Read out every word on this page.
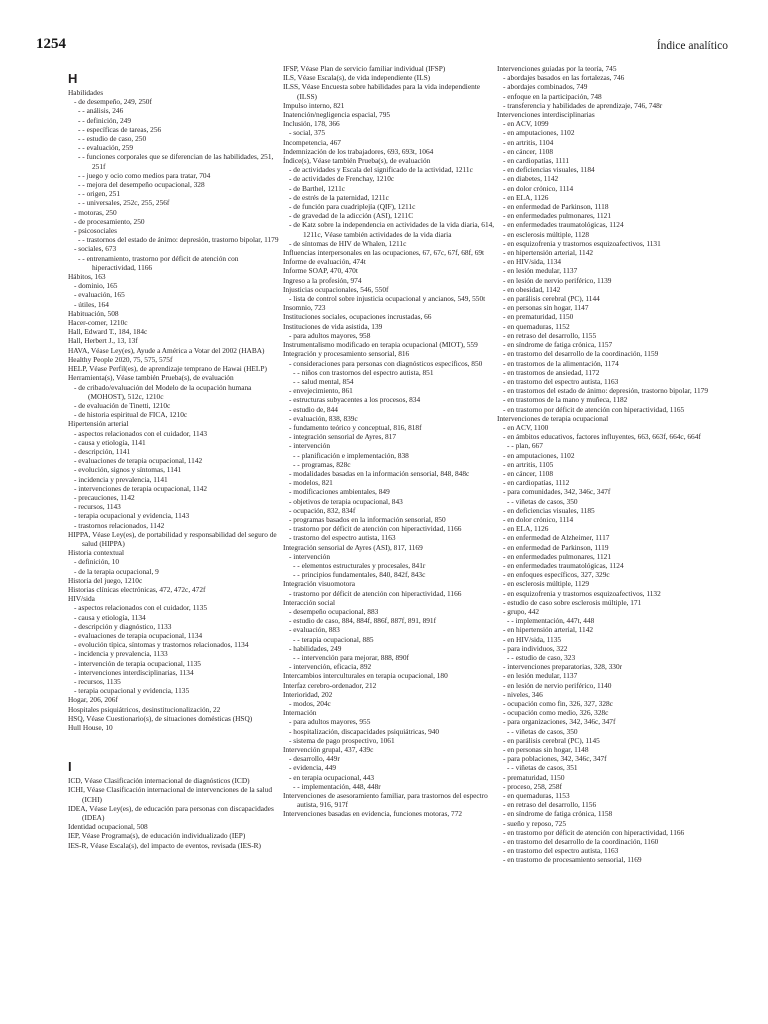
1254	Índice analítico
H

Habilidades

- de desempeño, 249, 250f

- - análisis, 246

- - definición, 249

- - específicas de tareas, 256

- - estudio de caso, 250

- - evaluación, 259

- - funciones corporales que se diferencian de las habilidades, 251, 251f

- - juego y ocio como medios para tratar, 704

- - mejora del desempeño ocupacional, 328

- - origen, 251

- - universales, 252c, 255, 256f

- motoras, 250

- de procesamiento, 250

- psicosociales

- - trastornos del estado de ánimo: depresión, trastorno bipolar, 1179

- sociales, 673

- - entrenamiento, trastorno por déficit de atención con hiperactividad, 1166

Hábitos, 163

- dominio, 165

- evaluación, 165

- útiles, 164

Habituación, 508

Hacer-comer, 1210c

Hall, Edward T., 184, 184c

Hall, Herbert J., 13, 13f

HAVA, Véase Ley(es), Ayude a América a Votar del 2002 (HABA)

Healthy People 2020, 75, 575, 575f

HELP, Véase Perfil(es), de aprendizaje temprano de Hawai (HELP)

Herramienta(s), Véase también Prueba(s), de evaluación

- de cribado/evaluación del Modelo de la ocupación humana (MOHOST), 512c, 1210c

- de evaluación de Tinetti, 1210c

- de historia espiritual de FICA, 1210c

Hipertensión arterial

- aspectos relacionados con el cuidador, 1143

- causa y etiología, 1141

- descripción, 1141

- evaluaciones de terapia ocupacional, 1142

- evolución, signos y síntomas, 1141

- incidencia y prevalencia, 1141

- intervenciones de terapia ocupacional, 1142

- precauciones, 1142

- recursos, 1143

- terapia ocupacional y evidencia, 1143

- trastornos relacionados, 1142

HIPPA, Véase Ley(es), de portabilidad y responsabilidad del seguro de salud (HIPPA)

Historia contextual

- definición, 10

- de la terapia ocupacional, 9

Historia del juego, 1210c

Historias clínicas electrónicas, 472, 472c, 472f

HIV/sida

- aspectos relacionados con el cuidador, 1135

- causa y etiología, 1134

- descripción y diagnóstico, 1133

- evaluaciones de terapia ocupacional, 1134

- evolución típica, síntomas y trastornos relacionados, 1134

- incidencia y prevalencia, 1133

- intervención de terapia ocupacional, 1135

- intervenciones interdisciplinarias, 1134

- recursos, 1135

- terapia ocupacional y evidencia, 1135

Hogar, 206, 206f

Hospitales psiquiátricos, desinstitucionalización, 22

HSQ, Véase Cuestionario(s), de situaciones domésticas (HSQ)

Hull House, 10

I

ICD, Véase Clasificación internacional de diagnósticos (ICD)

ICHI, Véase Clasificación internacional de intervenciones de la salud (ICHI)

IDEA, Véase Ley(es), de educación para personas con discapacidades (IDEA)

Identidad ocupacional, 508

IEP, Véase Programa(s), de educación individualizado (IEP)

IES-R, Véase Escala(s), del impacto de eventos, revisada (IES-R)

IFSP, Véase Plan de servicio familiar individual (IFSP)

ILS, Véase Escala(s), de vida independiente (ILS)

ILSS, Véase Encuesta sobre habilidades para la vida independiente (ILSS)

Impulso interno, 821

Inatención/negligencia espacial, 795

Inclusión, 178, 366

- social, 375

Incompetencia, 467

Indemnización de los trabajadores, 693, 693t, 1064

Índice(s), Véase también Prueba(s), de evaluación

- de actividades y Escala del significado de la actividad, 1211c

- de actividades de Frenchay, 1210c

- de Barthel, 1211c

- de estrés de la paternidad, 1211c

- de función para cuadriplejía (QIF), 1211c

- de gravedad de la adicción (ASI), 1211C

- de Katz sobre la independencia en actividades de la vida diaria, 614, 1211c, Véase también actividades de la vida diaria

- de síntomas de HIV de Whalen, 1211c

Influencias interpersonales en las ocupaciones, 67, 67c, 67f, 68f, 69t

Informe de evaluación, 474t

Informe SOAP, 470, 470t

Ingreso a la profesión, 974

Injusticias ocupacionales, 546, 550f

- lista de control sobre injusticia ocupacional y ancianos, 549, 550t

Insomnio, 723

Instituciones sociales, ocupaciones incrustadas, 66

Instituciones de vida asistida, 139

- para adultos mayores, 958

Instrumentalismo modificado en terapia ocupacional (MIOT), 559

Integración y procesamiento sensorial, 816

- consideraciones para personas con diagnósticos específicos, 850

- - niños con trastornos del espectro autista, 851

- - salud mental, 854

- envejecimiento, 861

- estructuras subyacentes a los procesos, 834

- estudio de, 844

- evaluación, 838, 839c

- fundamento teórico y conceptual, 816, 818f

- integración sensorial de Ayres, 817

- intervención

- - planificación e implementación, 838

- - programas, 828c

- modalidades basadas en la información sensorial, 848, 848c

- modelos, 821

- modificaciones ambientales, 849

- objetivos de terapia ocupacional, 843

- ocupación, 832, 834f

- programas basados en la información sensorial, 850

- trastorno por déficit de atención con hiperactividad, 1166

- trastorno del espectro autista, 1163

Integración sensorial de Ayres (ASI), 817, 1169

- intervención

- - elementos estructurales y procesales, 841r

- - principios fundamentales, 840, 842f, 843c

Integración visuomotora

- trastorno por déficit de atención con hiperactividad, 1166

Interacción social

- desempeño ocupacional, 883

- estudio de caso, 884, 884f, 886f, 887f, 891, 891f

- evaluación, 883

- - terapia ocupacional, 885

- habilidades, 249

- - intervención para mejorar, 888, 890f

- intervención, eficacia, 892

Intercambios interculturales en terapia ocupacional, 180

Interfaz cerebro-ordenador, 212

Interioridad, 202

- modos, 204c

Internación

- para adultos mayores, 955

- hospitalización, discapacidades psiquiátricas, 940

- sistema de pago prospectivo, 1061

Intervención grupal, 437, 439c

- desarrollo, 449r

- evidencia, 449

- en terapia ocupacional, 443

- - implementación, 448, 448r

Intervenciones de asesoramiento familiar, para trastornos del espectro autista, 916, 917f

Intervenciones basadas en evidencia, funciones motoras, 772

Intervenciones guiadas por la teoría, 745

- abordajes basados en las fortalezas, 746

- abordajes combinados, 749

- enfoque en la participación, 748

- transferencia y habilidades de aprendizaje, 746, 748r

Intervenciones interdisciplinarias

- en ACV, 1099

- en amputaciones, 1102

- en artritis, 1104

- en cáncer, 1108

- en cardiopatías, 1111

- en deficiencias visuales, 1184

- en diabetes, 1142

- en dolor crónico, 1114

- en ELA, 1126

- en enfermedad de Parkinson, 1118

- en enfermedades pulmonares, 1121

- en enfermedades traumatológicas, 1124

- en esclerosis múltiple, 1128

- en esquizofrenia y trastornos esquizoafectivos, 1131

- en hipertensión arterial, 1142

- en HIV/sida, 1134

- en lesión medular, 1137

- en lesión de nervio periférico, 1139

- en obesidad, 1142

- en parálisis cerebral (PC), 1144

- en personas sin hogar, 1147

- en prematuridad, 1150

- en quemaduras, 1152

- en retraso del desarrollo, 1155

- en síndrome de fatiga crónica, 1157

- en trastorno del desarrollo de la coordinación, 1159

- en trastornos de la alimentación, 1174

- en trastornos de ansiedad, 1172

- en trastorno del espectro autista, 1163

- en trastornos del estado de ánimo: depresión, trastorno bipolar, 1179

- en trastornos de la mano y muñeca, 1182

- en trastorno por déficit de atención con hiperactividad, 1165

Intervenciones de terapia ocupacional

- en ACV, 1100

- en ámbitos educativos, factores influyentes, 663, 663f, 664c, 664f

- - plan, 667

- en amputaciones, 1102

- en artritis, 1105

- en cáncer, 1108

- en cardiopatías, 1112

- para comunidades, 342, 346c, 347f

- - viñetas de casos, 350

- en deficiencias visuales, 1185

- en dolor crónico, 1114

- en ELA, 1126

- en enfermedad de Alzheimer, 1117

- en enfermedad de Parkinson, 1119

- en enfermedades pulmonares, 1121

- en enfermedades traumatológicas, 1124

- en enfoques específicos, 327, 329c

- en esclerosis múltiple, 1129

- en esquizofrenia y trastornos esquizoafectivos, 1132

- estudio de caso sobre esclerosis múltiple, 171

- grupo, 442

- - implementación, 447t, 448

- en hipertensión arterial, 1142

- en HIV/sida, 1135

- para individuos, 322

- - estudio de caso, 323

- intervenciones preparatorias, 328, 330r

- en lesión medular, 1137

- en lesión de nervio periférico, 1140

- niveles, 346

- ocupación como fin, 326, 327, 328c

- ocupación como medio, 326, 328c

- para organizaciones, 342, 346c, 347f

- - viñetas de casos, 350

- en parálisis cerebral (PC), 1145

- en personas sin hogar, 1148

- para poblaciones, 342, 346c, 347f

- - viñetas de casos, 351

- prematuridad, 1150

- proceso, 258, 258f

- en quemaduras, 1153

- en retraso del desarrollo, 1156

- en síndrome de fatiga crónica, 1158

- sueño y reposo, 725

- en trastorno por déficit de atención con hiperactividad, 1166

- en trastorno del desarrollo de la coordinación, 1160

- en trastorno del espectro autista, 1163

- en trastorno de procesamiento sensorial, 1169
